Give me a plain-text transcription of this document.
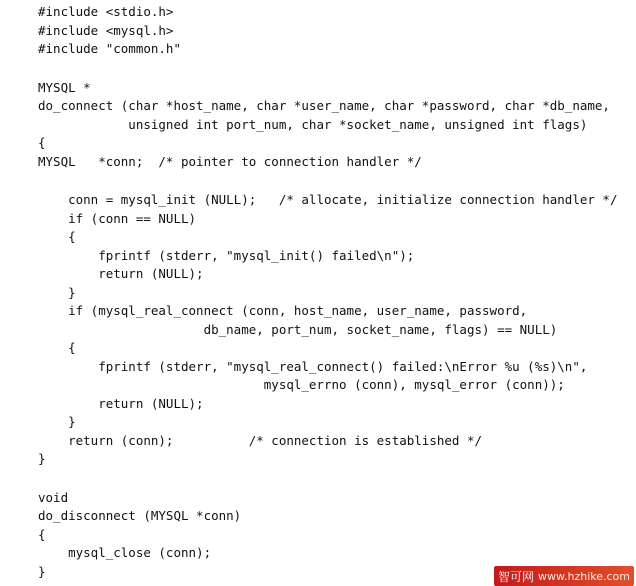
#include <stdio.h>
#include <mysql.h>
#include "common.h"
MYSQL *
do_connect (char *host_name, char *user_name, char *password, char *db_name,
unsigned int port_num, char *socket_name, unsigned int flags)
{
MYSQL   *conn;  /* pointer to connection handler */
conn = mysql_init (NULL);   /* allocate, initialize connection handler */
if (conn == NULL)
{
fprintf (stderr, "mysql_init() failed\n");
return (NULL);
}
if (mysql_real_connect (conn, host_name, user_name, password,
db_name, port_num, socket_name, flags) == NULL)
{
fprintf (stderr, "mysql_real_connect() failed:\nError %u (%s)\n",
mysql_errno (conn), mysql_error (conn));
return (NULL);
}
return (conn);          /* connection is established */
}
void
do_disconnect (MYSQL *conn)
{
mysql_close (conn);
}	智可网 www.hzhike.com
